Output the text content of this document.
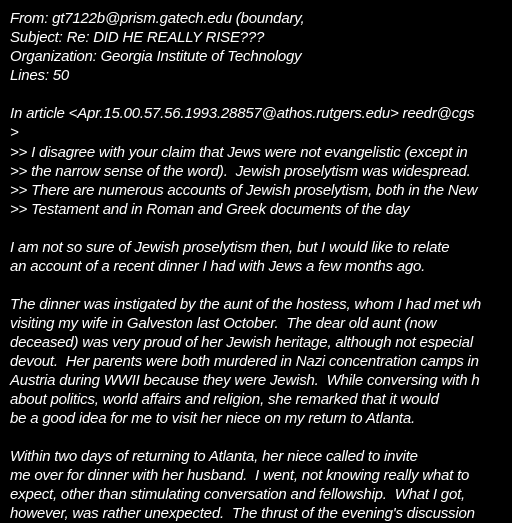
From: gt7122b@prism.gatech.edu (boundary,
Subject: Re: DID HE REALLY RISE???
Organization: Georgia Institute of Technology
Lines: 50
In article <Apr.15.00.57.56.1993.28857@athos.rutgers.edu> reedr@cgs
>
>> I disagree with your claim that Jews were not evangelistic (except in
>> the narrow sense of the word).  Jewish proselytism was widespread.
>> There are numerous accounts of Jewish proselytism, both in the New
>> Testament and in Roman and Greek documents of the day
I am not so sure of Jewish proselytism then, but I would like to relate
an account of a recent dinner I had with Jews a few months ago.
The dinner was instigated by the aunt of the hostess, whom I had met wh
visiting my wife in Galveston last October.  The dear old aunt (now
deceased) was very proud of her Jewish heritage, although not especial
devout.  Her parents were both murdered in Nazi concentration camps in
Austria during WWII because they were Jewish.  While conversing with h
about politics, world affairs and religion, she remarked that it would
be a good idea for me to visit her niece on my return to Atlanta.
Within two days of returning to Atlanta, her niece called to invite
me over for dinner with her husband.  I went, not knowing really what to
expect, other than stimulating conversation and fellowship.  What I got,
however, was rather unexpected.  The thrust of the evening's discussion
